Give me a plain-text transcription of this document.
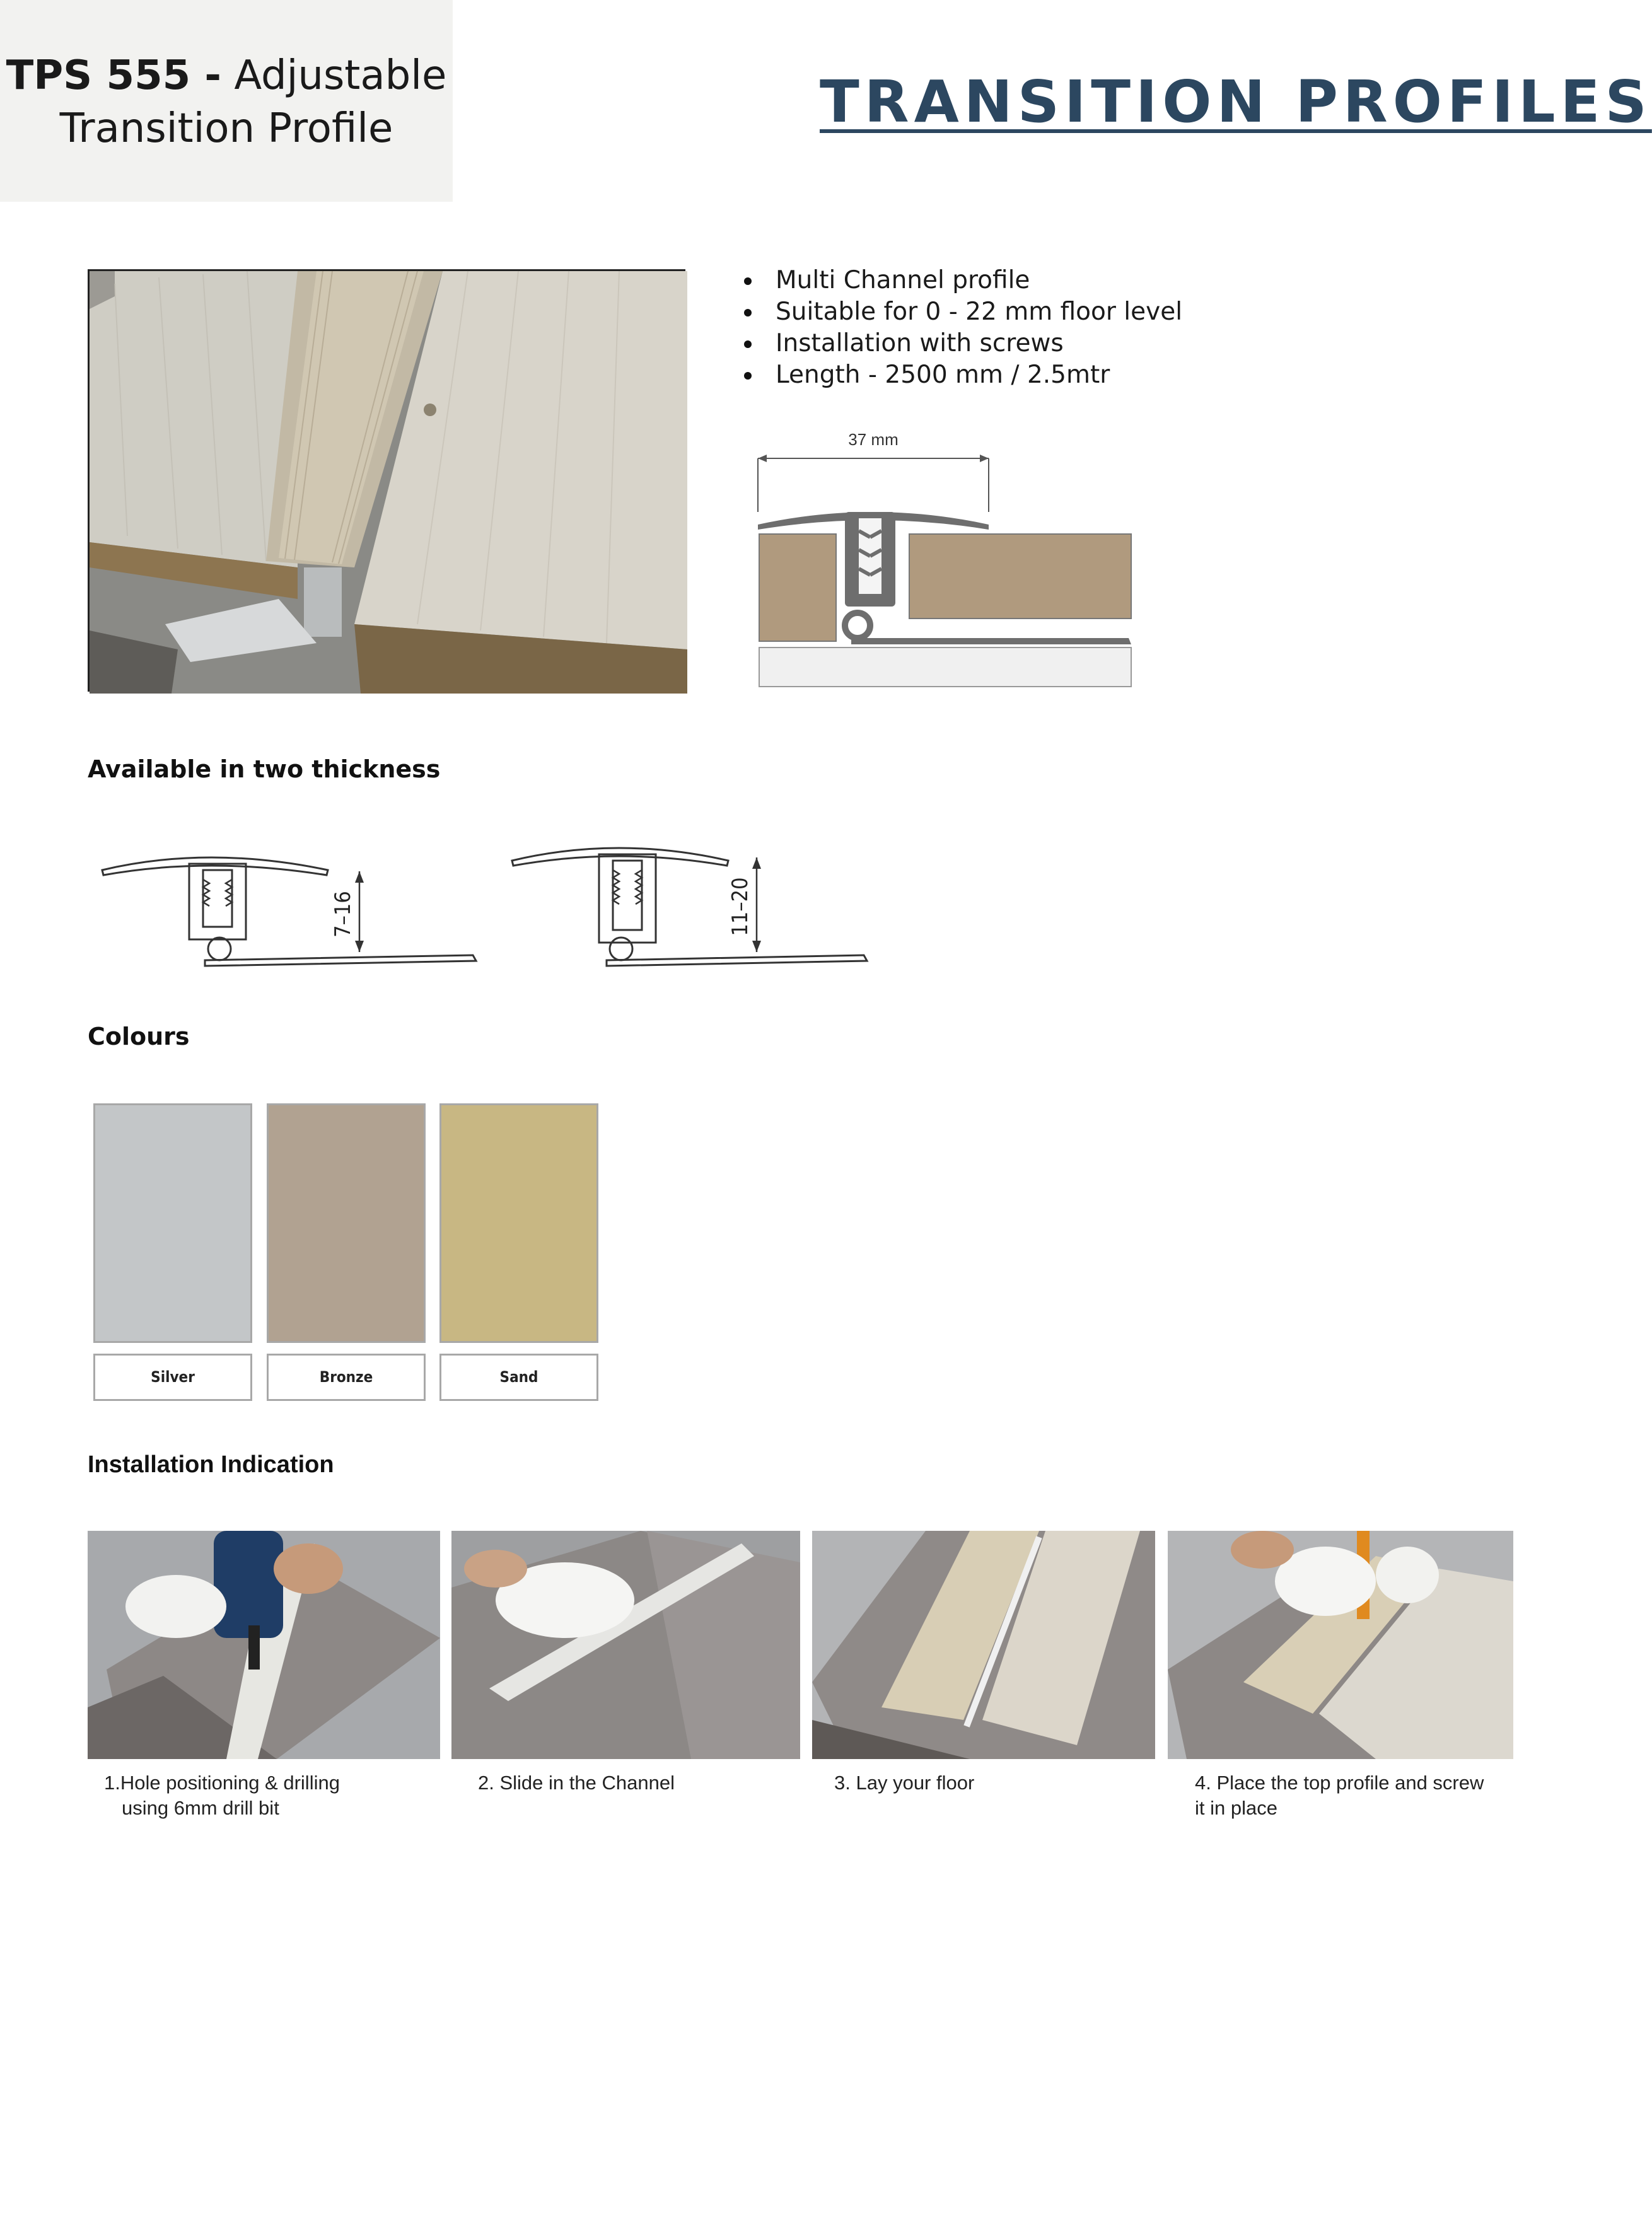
TPS 555 - Adjustable
Transition Profile	TRANSITION PROFILES
Multi Channel profile
Suitable for 0 - 22 mm floor level
Installation with screws
Length - 2500 mm / 2.5mtr
37 mm
Available in two thickness
7–16	11–20
Colours
Silver	Bronze	Sand
Installation Indication
1.Hole positioning & drilling
using 6mm drill bit
2. Slide in the Channel	3. Lay your floor	4. Place the top profile and screw
it in place
